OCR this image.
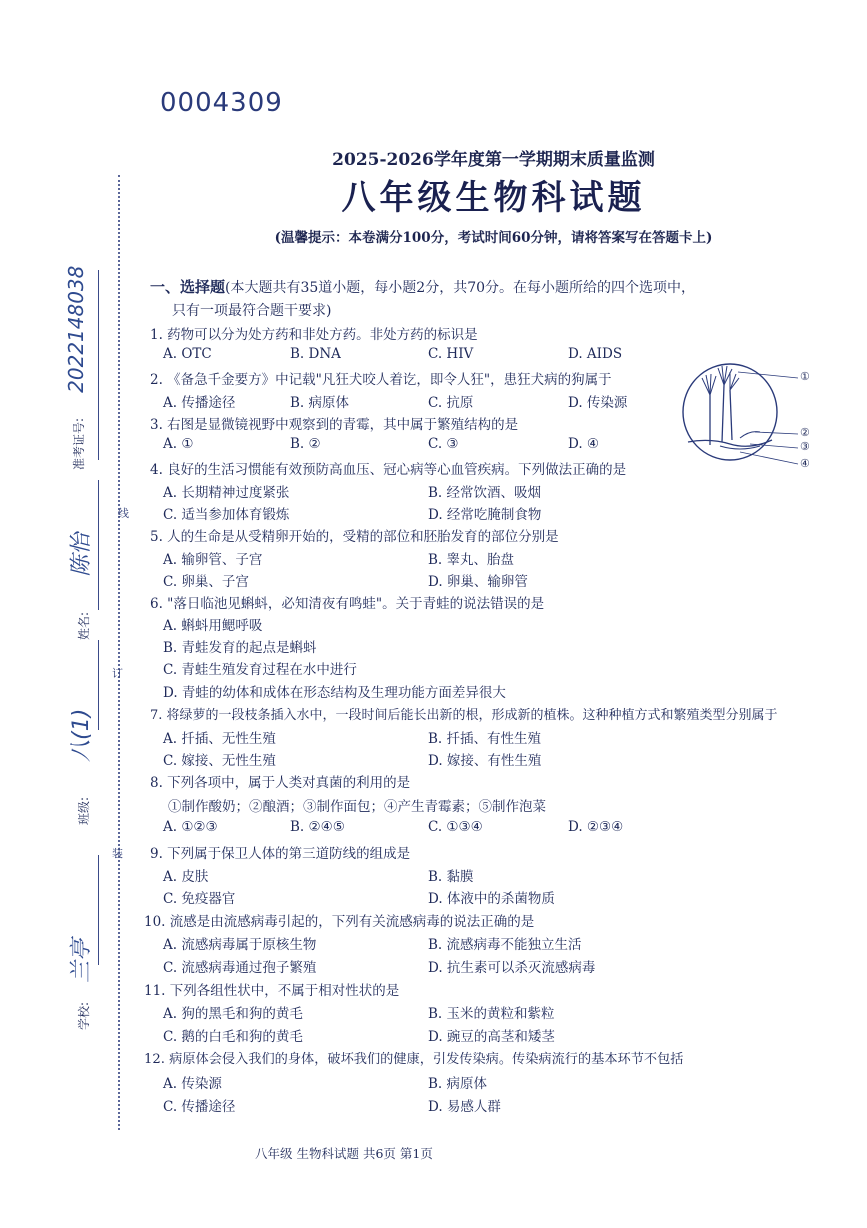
0004309
2025-2026学年度第一学期期末质量监测
八年级生物科试题
(温馨提示：本卷满分100分，考试时间60分钟，请将答案写在答题卡上)
装
订
线
学校: 兰亭
班级: 八(1)
姓名: 陈怡
准考证号: 2022148038	一、选择题(本大题共有35道小题，每小题2分，共70分。在每小题所给的四个选项中，
只有一项最符合题干要求)
1. 药物可以分为处方药和非处方药。非处方药的标识是
A. OTC	B. DNA	C. HIV	D. AIDS
2. 《备急千金要方》中记载"凡狂犬咬人着讫，即令人狂"，患狂犬病的狗属于
A. 传播途径	B. 病原体	C. 抗原	D. 传染源
3. 右图是显微镜视野中观察到的青霉，其中属于繁殖结构的是
A. ①	B. ②	C. ③	D. ④
①
②
③
④
4. 良好的生活习惯能有效预防高血压、冠心病等心血管疾病。下列做法正确的是
A. 长期精神过度紧张	B. 经常饮酒、吸烟
C. 适当参加体育锻炼	D. 经常吃腌制食物
5. 人的生命是从受精卵开始的，受精的部位和胚胎发育的部位分别是
A. 输卵管、子宫	B. 睾丸、胎盘
C. 卵巢、子宫	D. 卵巢、输卵管
6. "落日临池见蝌蚪，必知清夜有鸣蛙"。关于青蛙的说法错误的是
A. 蝌蚪用鳃呼吸
B. 青蛙发育的起点是蝌蚪
C. 青蛙生殖发育过程在水中进行
D. 青蛙的幼体和成体在形态结构及生理功能方面差异很大
7. 将绿萝的一段枝条插入水中，一段时间后能长出新的根，形成新的植株。这种种植方式和繁殖类型分别属于
A. 扦插、无性生殖	B. 扦插、有性生殖
C. 嫁接、无性生殖	D. 嫁接、有性生殖
8. 下列各项中，属于人类对真菌的利用的是
①制作酸奶；②酿酒；③制作面包；④产生青霉素；⑤制作泡菜
A. ①②③	B. ②④⑤	C. ①③④	D. ②③④
9. 下列属于保卫人体的第三道防线的组成是
A. 皮肤	B. 黏膜
C. 免疫器官	D. 体液中的杀菌物质
10. 流感是由流感病毒引起的，下列有关流感病毒的说法正确的是
A. 流感病毒属于原核生物	B. 流感病毒不能独立生活
C. 流感病毒通过孢子繁殖	D. 抗生素可以杀灭流感病毒
11. 下列各组性状中，不属于相对性状的是
A. 狗的黑毛和狗的黄毛	B. 玉米的黄粒和紫粒
C. 鹅的白毛和狗的黄毛	D. 豌豆的高茎和矮茎
12. 病原体会侵入我们的身体，破坏我们的健康，引发传染病。传染病流行的基本环节不包括
A. 传染源	B. 病原体
C. 传播途径	D. 易感人群
八年级 生物科试题 共6页 第1页
